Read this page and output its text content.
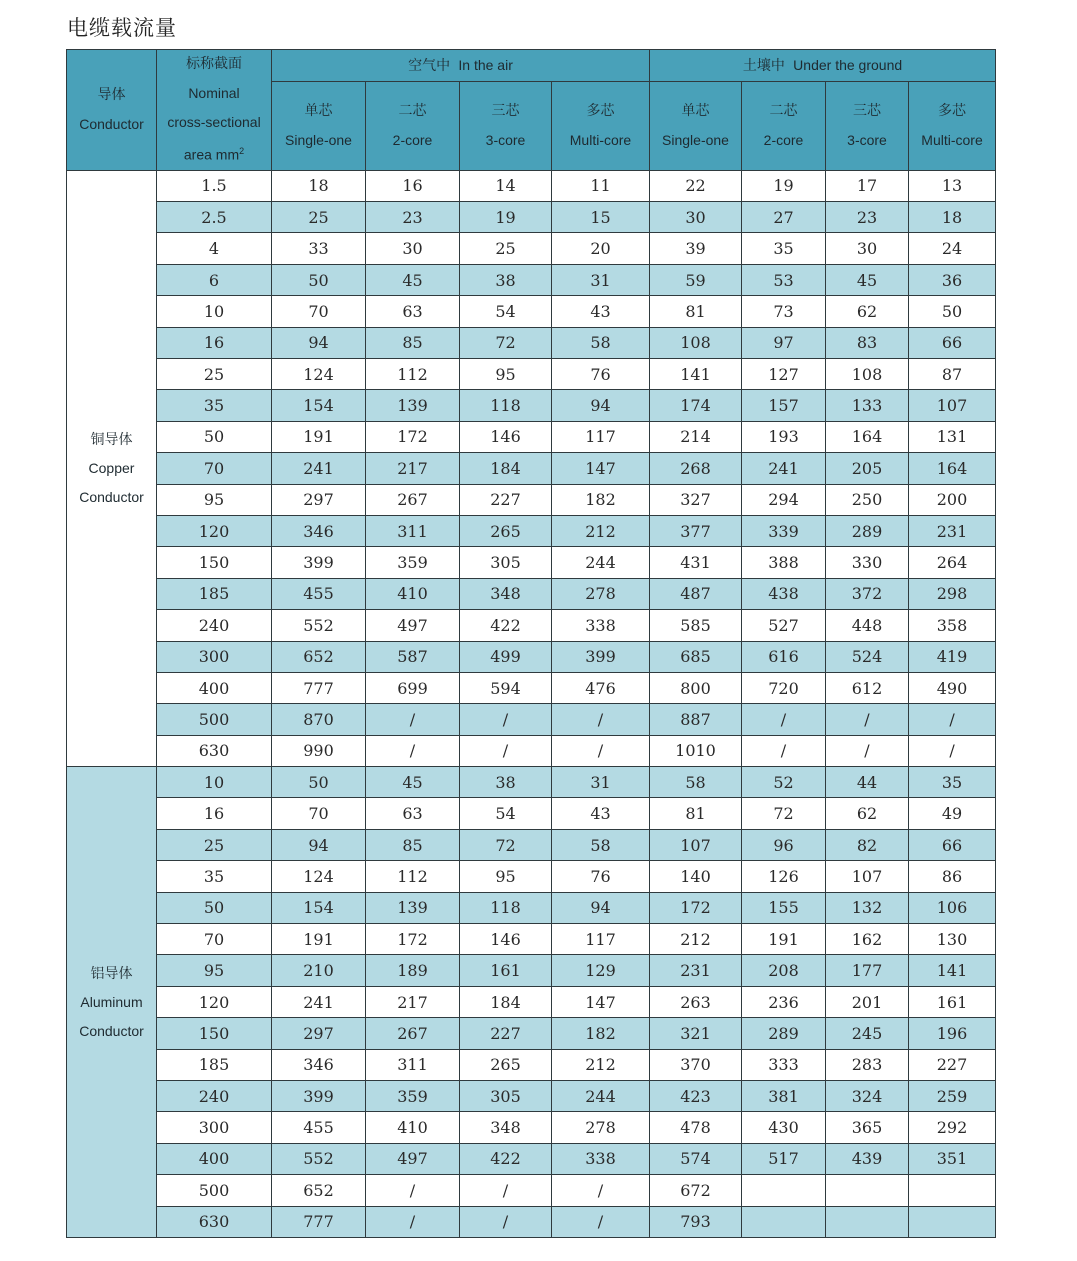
电缆载流量
导体
Conductor	标称截面
Nominal
cross-sectional
area $mm^2$	空气中 In the air				土壤中 Under the ground			

		单芯
Single-one	二芯
2-core	三芯
3-core	多芯
Multi-core	单芯
Single-one	二芯
2-core	三芯
3-core	多芯
Multi-core

铜导体
Copper
Conductor	1.5	18	16	14	11	22	19	17	13
	2.5	25	23	19	15	30	27	23	18
	4	33	30	25	20	39	35	30	24
	6	50	45	38	31	59	53	45	36
	10	70	63	54	43	81	73	62	50
	16	94	85	72	58	108	97	83	66
	25	124	112	95	76	141	127	108	87
	35	154	139	118	94	174	157	133	107
	50	191	172	146	117	214	193	164	131
	70	241	217	184	147	268	241	205	164
	95	297	267	227	182	327	294	250	200
	120	346	311	265	212	377	339	289	231
	150	399	359	305	244	431	388	330	264
	185	455	410	348	278	487	438	372	298
	240	552	497	422	338	585	527	448	358
	300	652	587	499	399	685	616	524	419
	400	777	699	594	476	800	720	612	490
	500	870	/	/	/	887	/	/	/
	630	990	/	/	/	1010	/	/	/

铝导体
Aluminum
Conductor	10	50	45	38	31	58	52	44	35
	16	70	63	54	43	81	72	62	49
	25	94	85	72	58	107	96	82	66
	35	124	112	95	76	140	126	107	86
	50	154	139	118	94	172	155	132	106
	70	191	172	146	117	212	191	162	130
	95	210	189	161	129	231	208	177	141
	120	241	217	184	147	263	236	201	161
	150	297	267	227	182	321	289	245	196
	185	346	311	265	212	370	333	283	227
	240	399	359	305	244	423	381	324	259
	300	455	410	348	278	478	430	365	292
	400	552	497	422	338	574	517	439	351
	500	652	/	/	/	672			
	630	777	/	/	/	793			
